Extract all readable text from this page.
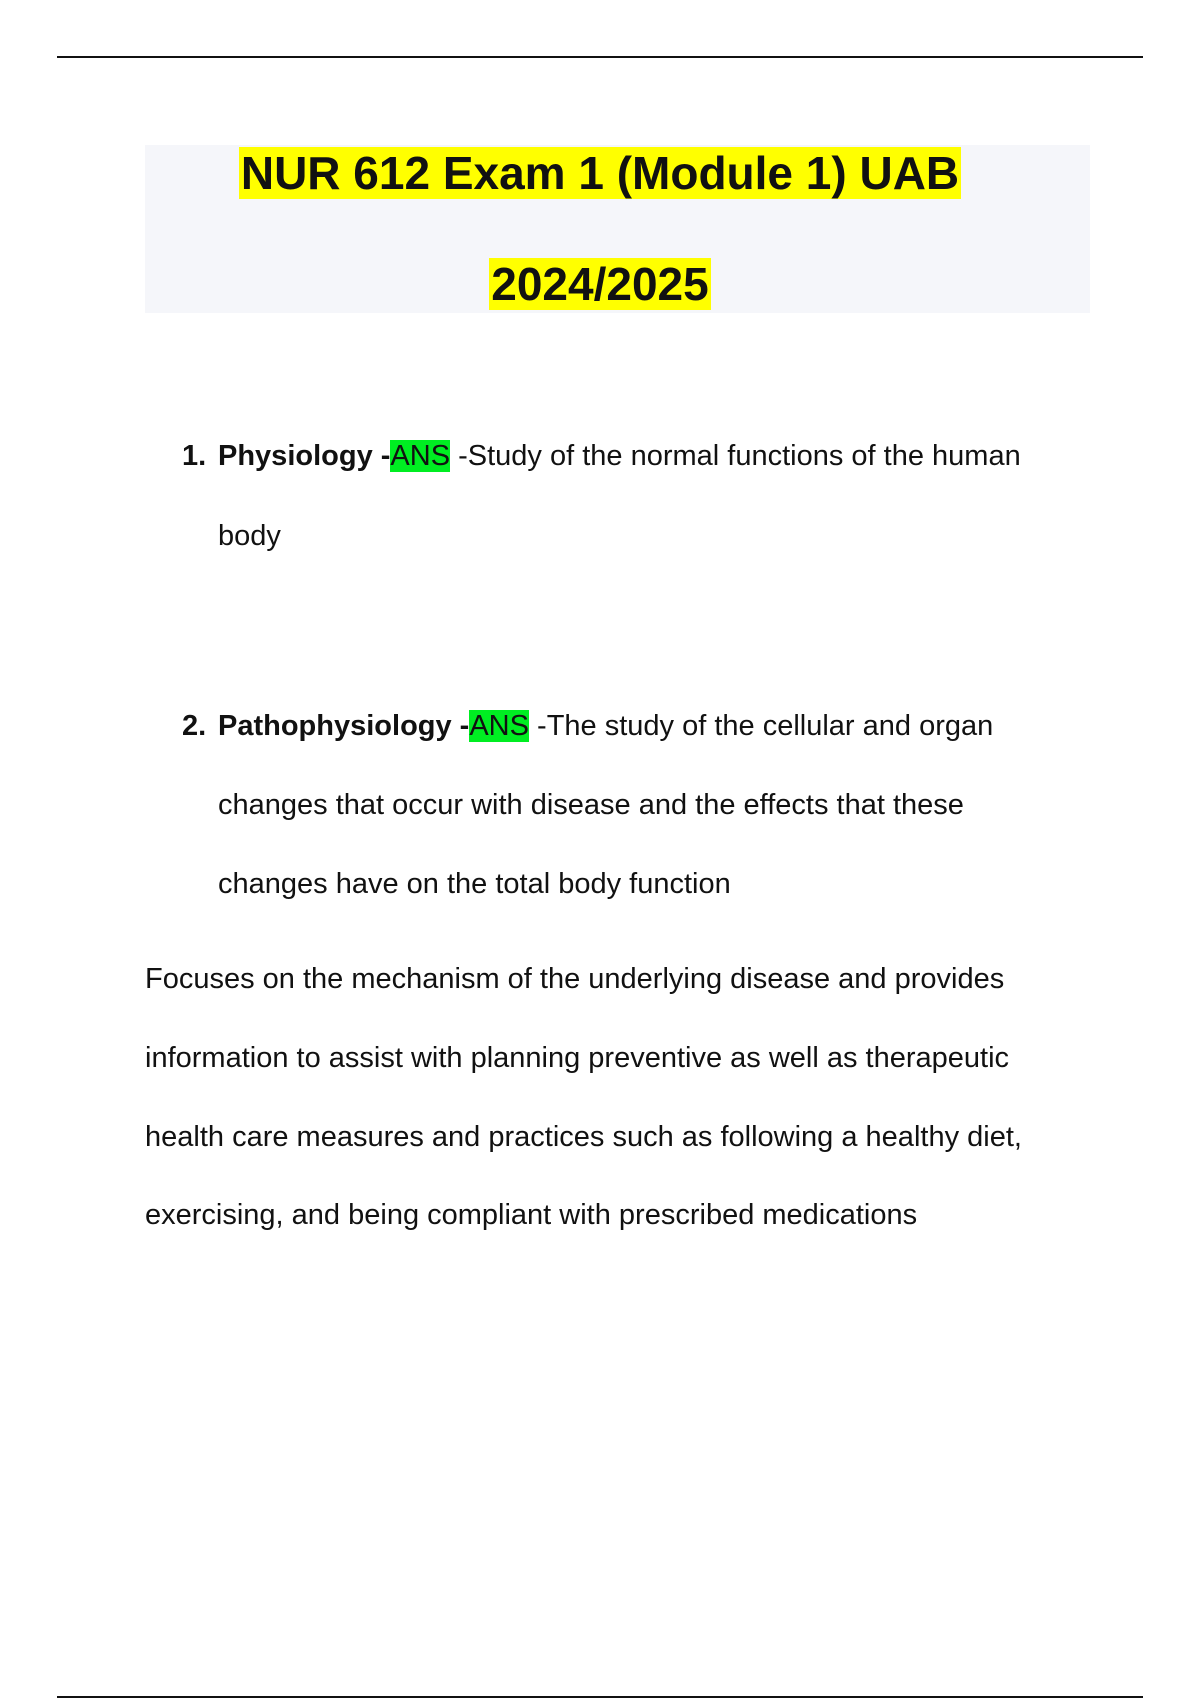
NUR 612 Exam 1 (Module 1) UAB
2024/2025
1. Physiology -ANS -Study of the normal functions of the human
body
2. Pathophysiology -ANS -The study of the cellular and organ
changes that occur with disease and the effects that these
changes have on the total body function
Focuses on the mechanism of the underlying disease and provides
information to assist with planning preventive as well as therapeutic
health care measures and practices such as following a healthy diet,
exercising, and being compliant with prescribed medications
